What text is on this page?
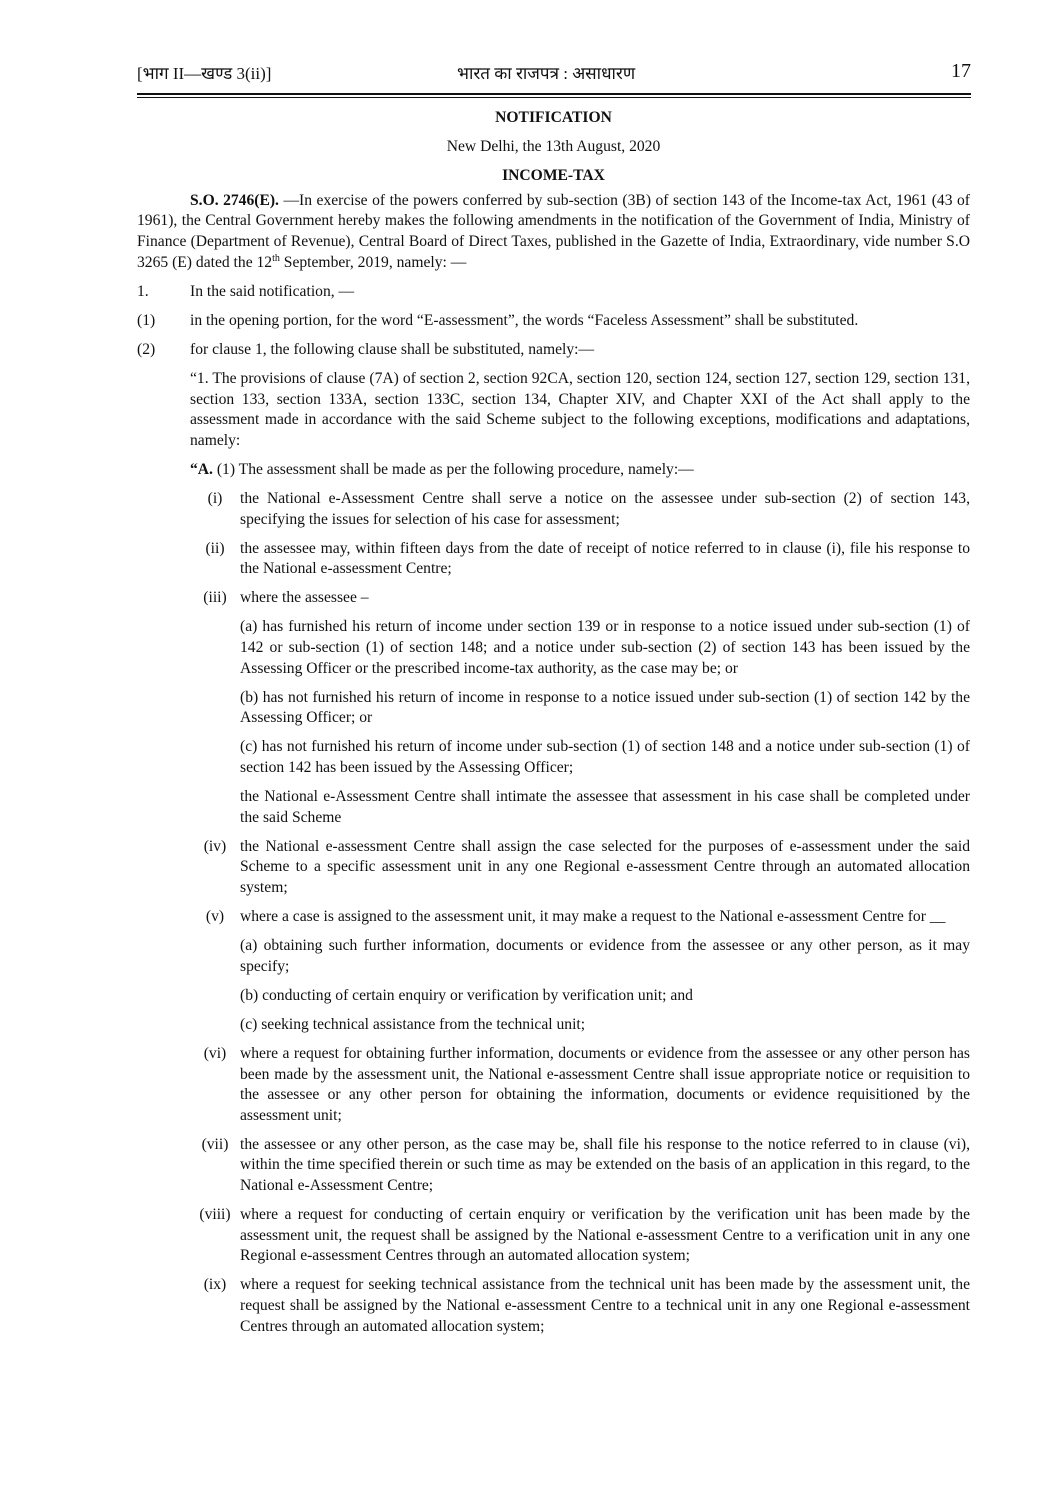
[भाग II—खण्ड 3(ii)]	भारत का राजपत्र : असाधारण	17
NOTIFICATION
New Delhi, the 13th August, 2020
INCOME-TAX

S.O. 2746(E). —In exercise of the powers conferred by sub-section (3B) of section 143 of the Income-tax Act, 1961 (43 of 1961), the Central Government hereby makes the following amendments in the notification of the Government of India, Ministry of Finance (Department of Revenue), Central Board of Direct Taxes, published in the Gazette of India, Extraordinary, vide number S.O 3265 (E) dated the 12th September, 2019, namely: —

1.	In the said notification, —
(1)	in the opening portion, for the word “E-assessment”, the words “Faceless Assessment” shall be substituted.
(2)	for clause 1, the following clause shall be substituted, namely:—

“1. The provisions of clause (7A) of section 2, section 92CA, section 120, section 124, section 127, section 129, section 131, section 133, section 133A, section 133C, section 134, Chapter XIV, and Chapter XXI of the Act shall apply to the assessment made in accordance with the said Scheme subject to the following exceptions, modifications and adaptations, namely:

“A. (1) The assessment shall be made as per the following procedure, namely:—

(i)	the National e-Assessment Centre shall serve a notice on the assessee under sub-section (2) of section 143, specifying the issues for selection of his case for assessment;
(ii) the assessee may, within fifteen days from the date of receipt of notice referred to in clause (i), file his response to the National e-assessment Centre;
(iii) where the assessee –

(a) has furnished his return of income under section 139 or in response to a notice issued under sub-section (1) of 142 or sub-section (1) of section 148; and a notice under sub-section (2) of section 143 has been issued by the Assessing Officer or the prescribed income-tax authority, as the case may be; or

(b) has not furnished his return of income in response to a notice issued under sub-section (1) of section 142 by the Assessing Officer; or

(c) has not furnished his return of income under sub-section (1) of section 148 and a notice under sub-section (1) of section 142 has been issued by the Assessing Officer;

the National e-Assessment Centre shall intimate the assessee that assessment in his case shall be completed under the said Scheme

(iv) the National e-assessment Centre shall assign the case selected for the purposes of e-assessment under the said Scheme to a specific assessment unit in any one Regional e-assessment Centre through an automated allocation system;
(v)	where a case is assigned to the assessment unit, it may make a request to the National e-assessment Centre for __

(a) obtaining such further information, documents or evidence from the assessee or any other person, as it may specify;

(b) conducting of certain enquiry or verification by verification unit; and

(c) seeking technical assistance from the technical unit;

(vi) where a request for obtaining further information, documents or evidence from the assessee or any other person has been made by the assessment unit, the National e-assessment Centre shall issue appropriate notice or requisition to the assessee or any other person for obtaining the information, documents or evidence requisitioned by the assessment unit;
(vii) the assessee or any other person, as the case may be, shall file his response to the notice referred to in clause (vi), within the time specified therein or such time as may be extended on the basis of an application in this regard, to the National e-Assessment Centre;
(viii) where a request for conducting of certain enquiry or verification by the verification unit has been made by the assessment unit, the request shall be assigned by the National e-assessment Centre to a verification unit in any one Regional e-assessment Centres through an automated allocation system;
(ix) where a request for seeking technical assistance from the technical unit has been made by the assessment unit, the request shall be assigned by the National e-assessment Centre to a technical unit in any one Regional e-assessment Centres through an automated allocation system;
